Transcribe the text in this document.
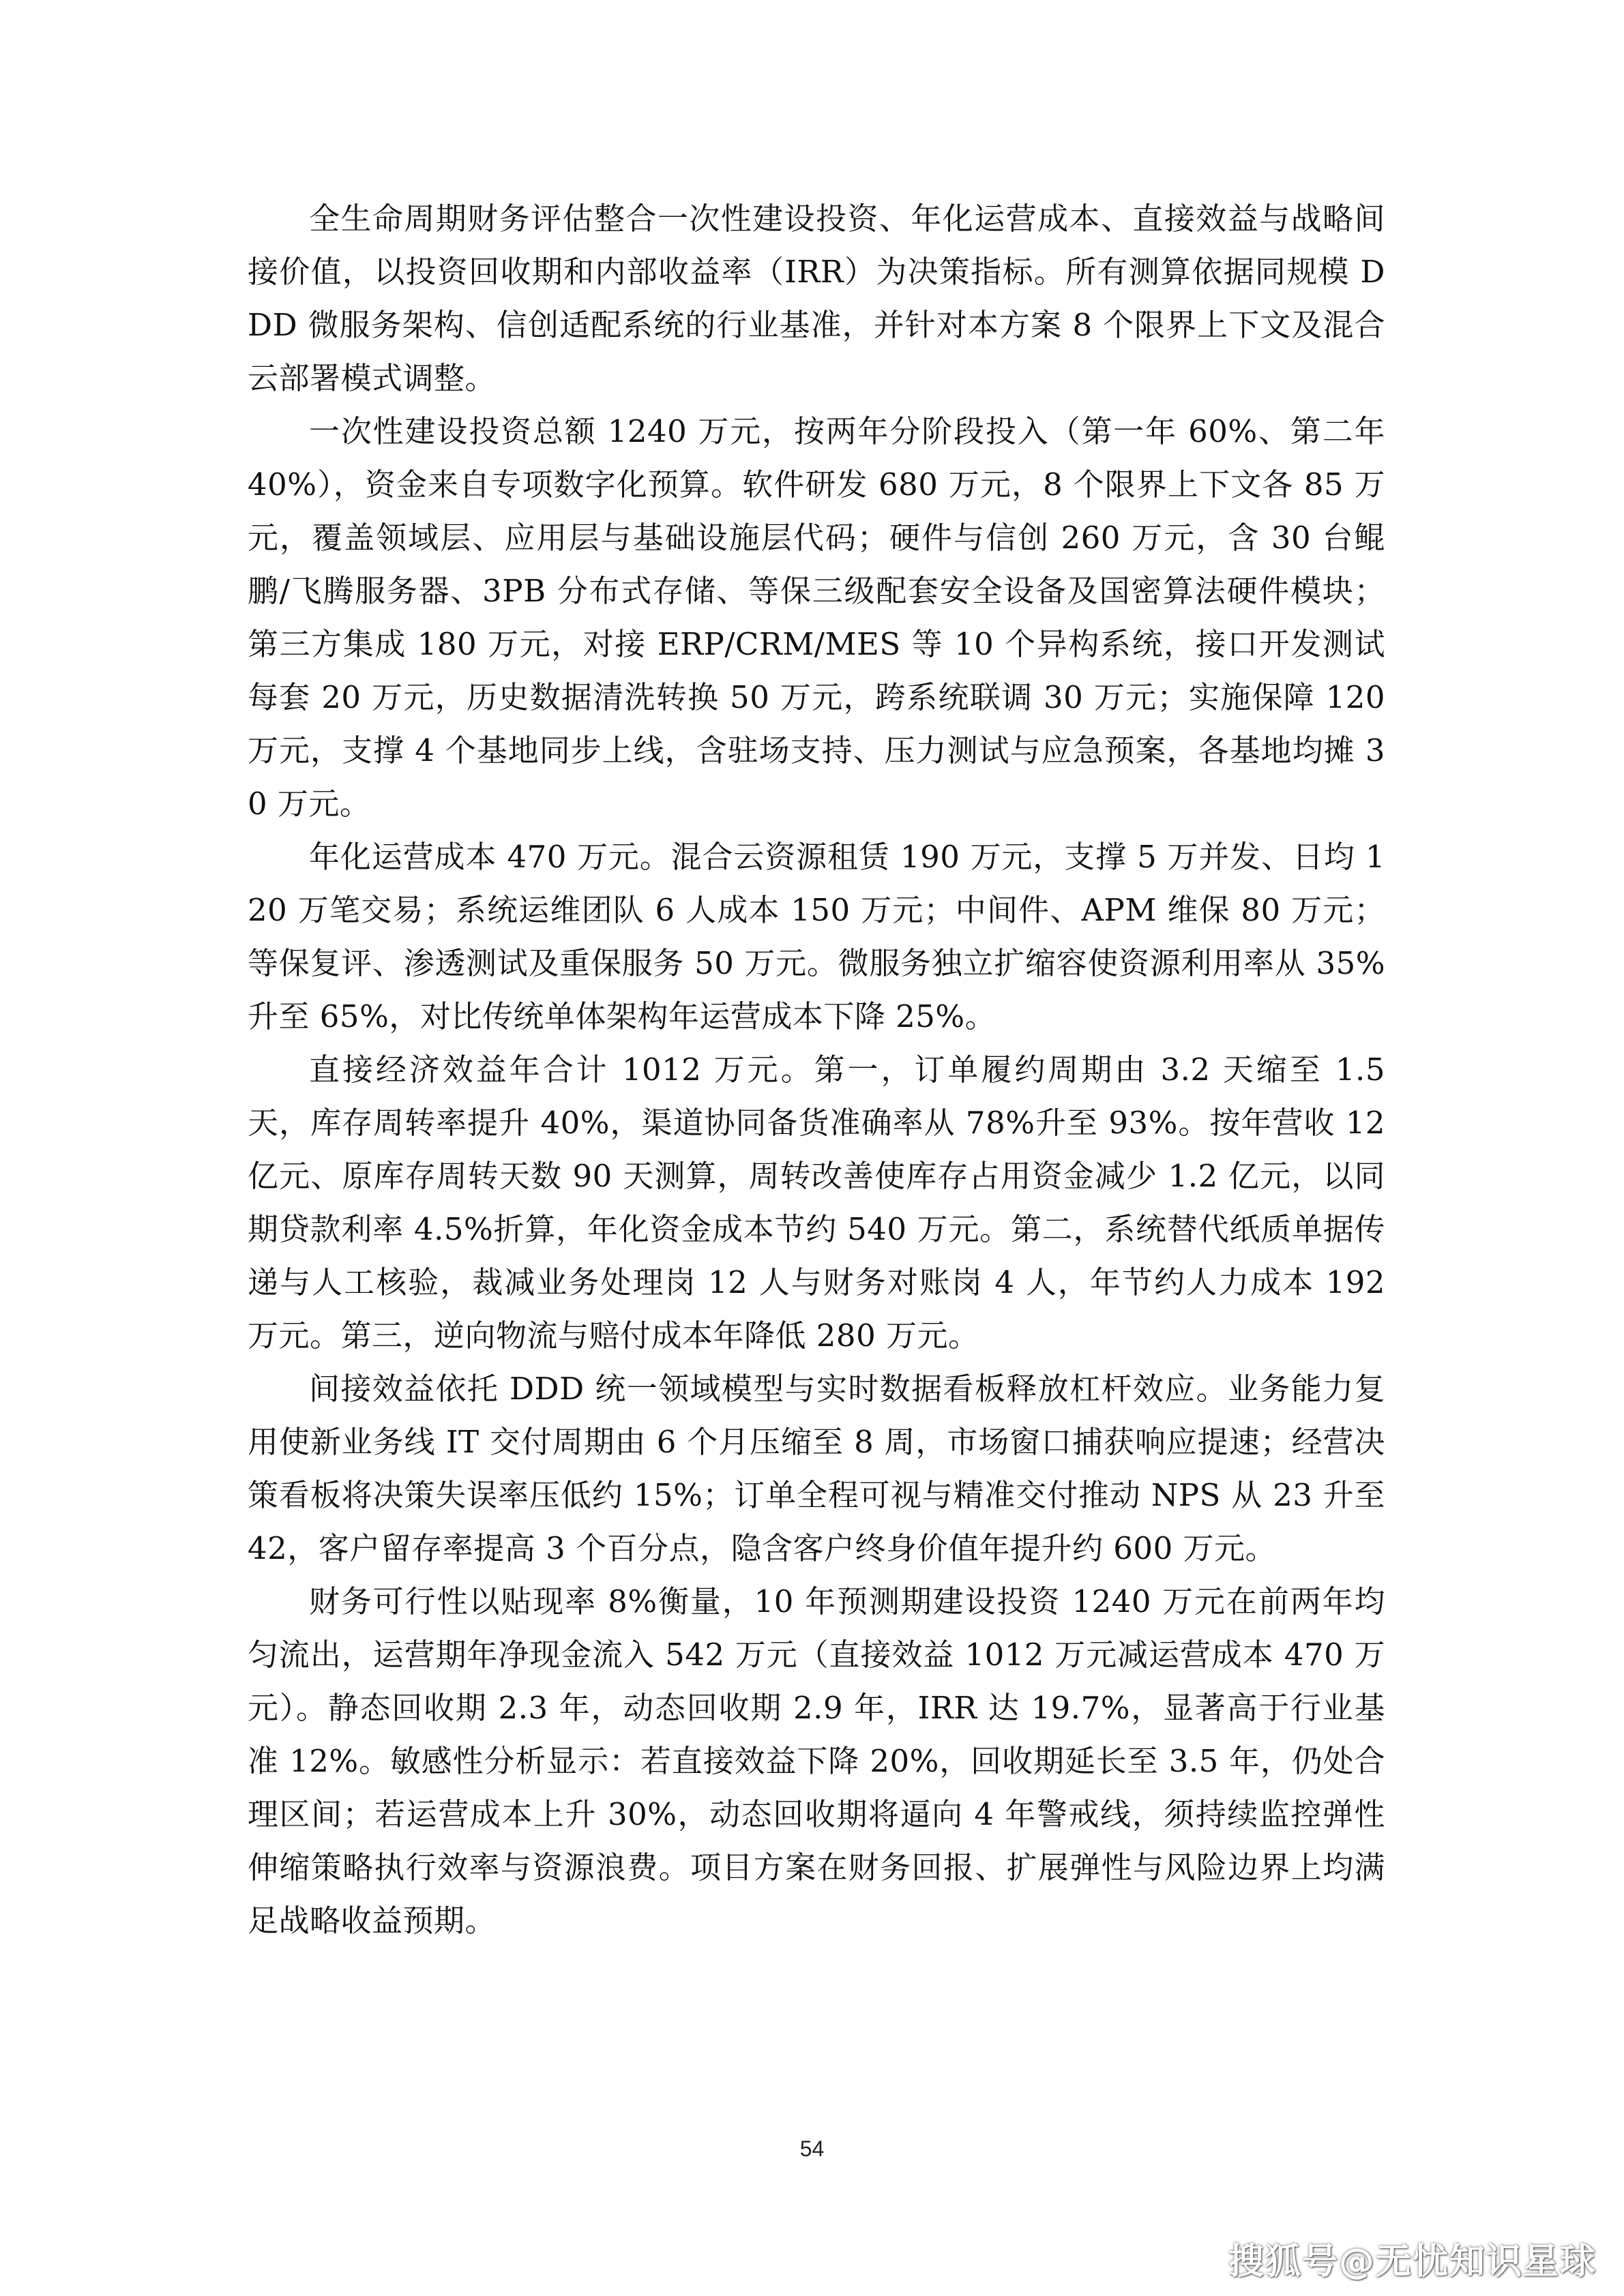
全生命周期财务评估整合一次性建设投资、年化运营成本、直接效益与战略间接价值，以投资回收期和内部收益率（IRR）为决策指标。所有测算依据同规模 DDD 微服务架构、信创适配系统的行业基准，并针对本方案 8 个限界上下文及混合云部署模式调整。

一次性建设投资总额 1240 万元，按两年分阶段投入（第一年 60%、第二年 40%），资金来自专项数字化预算。软件研发 680 万元，8 个限界上下文各 85 万元，覆盖领域层、应用层与基础设施层代码；硬件与信创 260 万元，含 30 台鲲鹏/飞腾服务器、3PB 分布式存储、等保三级配套安全设备及国密算法硬件模块；第三方集成 180 万元，对接 ERP/CRM/MES 等 10 个异构系统，接口开发测试每套 20 万元，历史数据清洗转换 50 万元，跨系统联调 30 万元；实施保障 120 万元，支撑 4 个基地同步上线，含驻场支持、压力测试与应急预案，各基地均摊 30 万元。

年化运营成本 470 万元。混合云资源租赁 190 万元，支撑 5 万并发、日均 120 万笔交易；系统运维团队 6 人成本 150 万元；中间件、APM 维保 80 万元；等保复评、渗透测试及重保服务 50 万元。微服务独立扩缩容使资源利用率从 35%升至 65%，对比传统单体架构年运营成本下降 25%。

直接经济效益年合计 1012 万元。第一，订单履约周期由 3.2 天缩至 1.5 天，库存周转率提升 40%，渠道协同备货准确率从 78%升至 93%。按年营收 12 亿元、原库存周转天数 90 天测算，周转改善使库存占用资金减少 1.2 亿元，以同期贷款利率 4.5%折算，年化资金成本节约 540 万元。第二，系统替代纸质单据传递与人工核验，裁减业务处理岗 12 人与财务对账岗 4 人，年节约人力成本 192 万元。第三，逆向物流与赔付成本年降低 280 万元。

间接效益依托 DDD 统一领域模型与实时数据看板释放杠杆效应。业务能力复用使新业务线 IT 交付周期由 6 个月压缩至 8 周，市场窗口捕获响应提速；经营决策看板将决策失误率压低约 15%；订单全程可视与精准交付推动 NPS 从 23 升至 42，客户留存率提高 3 个百分点，隐含客户终身价值年提升约 600 万元。

财务可行性以贴现率 8%衡量，10 年预测期建设投资 1240 万元在前两年均匀流出，运营期年净现金流入 542 万元（直接效益 1012 万元减运营成本 470 万元）。静态回收期 2.3 年，动态回收期 2.9 年，IRR 达 19.7%，显著高于行业基准 12%。敏感性分析显示：若直接效益下降 20%，回收期延长至 3.5 年，仍处合理区间；若运营成本上升 30%，动态回收期将逼向 4 年警戒线，须持续监控弹性伸缩策略执行效率与资源浪费。项目方案在财务回报、扩展弹性与风险边界上均满足战略收益预期。

54
搜狐号@无忧知识星球
